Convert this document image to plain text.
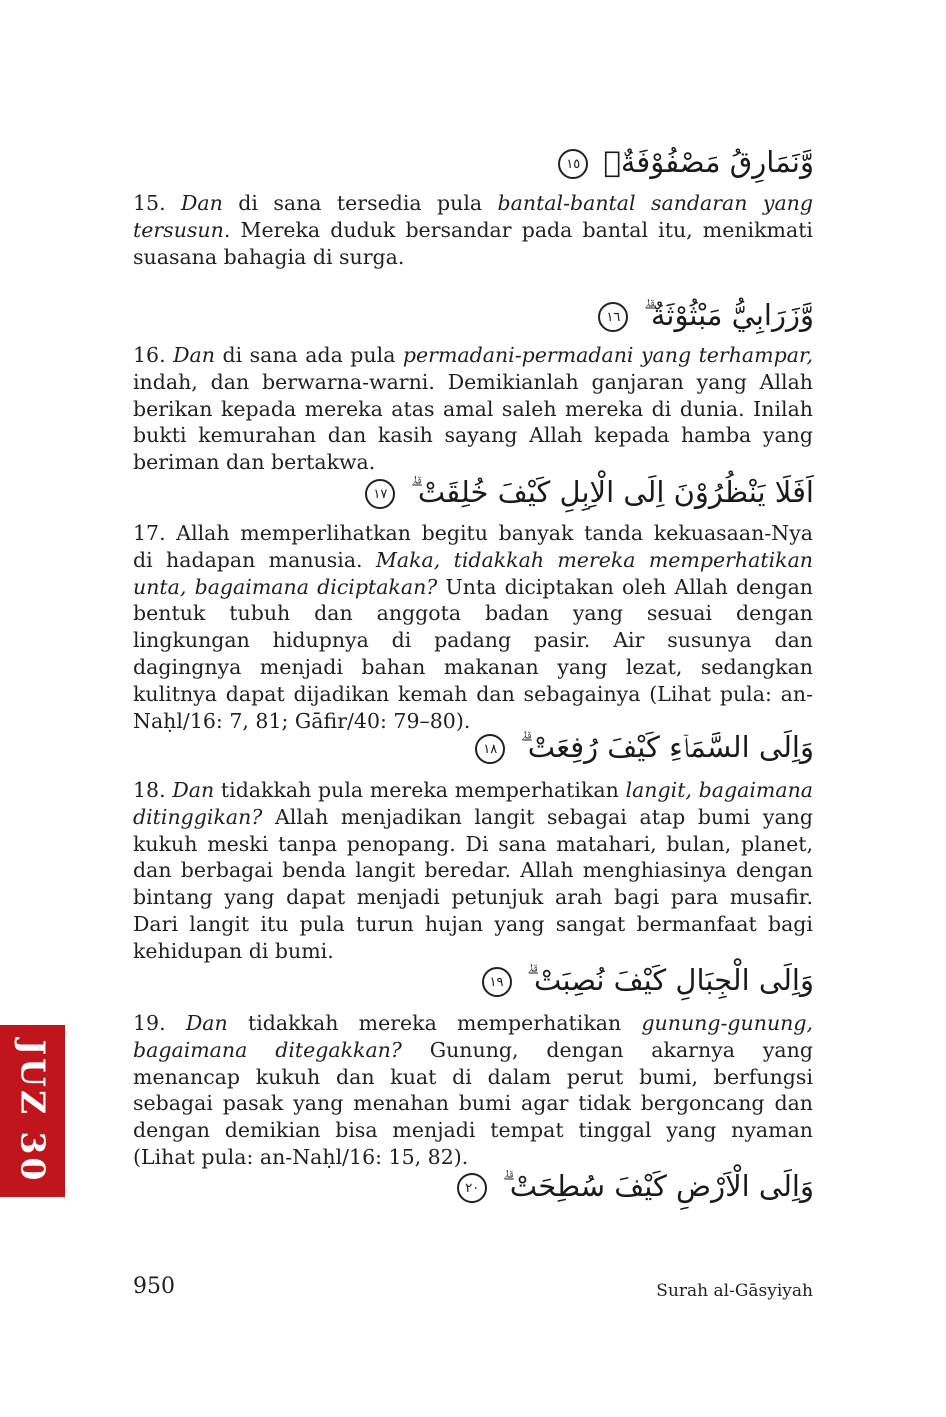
وَّنَمَارِقُ مَصْفُوْفَةٌۙ ١٥

15. Dan di sana tersedia pula bantal-bantal sandaran yang tersusun. Mereka duduk bersandar pada bantal itu, menikmati suasana bahagia di surga.

وَّزَرَابِيُّ مَبْثُوْثَةٌ ۗ ١٦

16. Dan di sana ada pula permadani-permadani yang terhampar, indah, dan berwarna-warni. Demikianlah ganjaran yang Allah berikan kepada mereka atas amal saleh mereka di dunia. Inilah bukti kemurahan dan kasih sayang Allah kepada hamba yang beriman dan bertakwa.

اَفَلَا يَنْظُرُوْنَ اِلَى الْاِبِلِ كَيْفَ خُلِقَتْ ۗ ١٧

17. Allah memperlihatkan begitu banyak tanda kekuasaan-Nya di hadapan manusia. Maka, tidakkah mereka memperhatikan unta, bagaimana diciptakan? Unta diciptakan oleh Allah dengan bentuk tubuh dan anggota badan yang sesuai dengan lingkungan hidupnya di padang pasir. Air susunya dan dagingnya menjadi bahan makanan yang lezat, sedangkan kulitnya dapat dijadikan kemah dan sebagainya (Lihat pula: an-Naḥl/16: 7, 81; Gāfir/40: 79–80).

وَاِلَى السَّمَاۤءِ كَيْفَ رُفِعَتْ ۗ ١٨

18. Dan tidakkah pula mereka memperhatikan langit, bagaimana ditinggikan? Allah menjadikan langit sebagai atap bumi yang kukuh meski tanpa penopang. Di sana matahari, bulan, planet, dan berbagai benda langit beredar. Allah menghiasinya dengan bintang yang dapat menjadi petunjuk arah bagi para musafir. Dari langit itu pula turun hujan yang sangat bermanfaat bagi kehidupan di bumi.

وَاِلَى الْجِبَالِ كَيْفَ نُصِبَتْ ۗ ١٩

19. Dan tidakkah mereka memperhatikan gunung-gunung, bagaimana ditegakkan? Gunung, dengan akarnya yang menancap kukuh dan kuat di dalam perut bumi, berfungsi sebagai pasak yang menahan bumi agar tidak bergoncang dan dengan demikian bisa menjadi tempat tinggal yang nyaman (Lihat pula: an-Naḥl/16: 15, 82).

وَاِلَى الْاَرْضِ كَيْفَ سُطِحَتْ ۗ ٢٠
JUZ 30
950	Surah al-Gāsyiyah
